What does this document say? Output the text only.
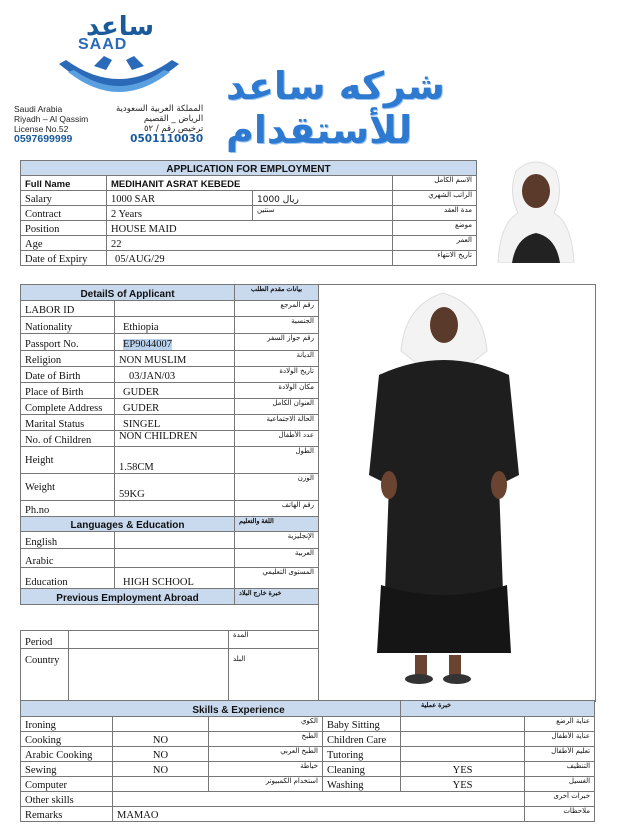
ساعد
SAAD
Saudi Arabia
Riyadh – Al Qassim
License No.52
0597699999
المملكة العربية السعودية
الرياض _ القصيم
ترخيص رقم / ٥٢
0501110030
شركه ساعد للأستقدام
APPLICATION FOR EMPLOYMENT			
Full Name	MEDIHANIT ASRAT KEBEDE		الاسم الكامل
Salary	1000 SAR	1000 ريال	الراتب الشهري
Contract	2 Years	سنتين	مدة العقد
Position	HOUSE MAID		موضع
Age	22		العمر
Date of Expiry	05/AUG/29		تاريخ الانتهاء
DetailS of Applicant		بيانات مقدم الطلب
LABOR ID		رقم المرجع
Nationality	Ethiopia	الجنسية
Passport No.	EP9044007	رقم جواز السفر
Religion	NON MUSLIM	الديانة
Date of Birth	03/JAN/03	تاريخ الولادة
Place of Birth	GUDER	مكان الولادة
Complete Address	GUDER	العنوان الكامل
Marital Status	SINGEL	الحالة الاجتماعية
No. of Children	NON CHILDREN	عدد الأطفال
Height	1.58CM	الطول
Weight	59KG	الوزن
Ph.no		رقم الهاتف
Languages & Education		اللغة والتعليم
English		الإنجليزية
Arabic		العربية
Education	HIGH SCHOOL	المستوى التعليمي
Previous Employment Abroad		خبرة خارج البلاد
Period		المدة
Country		البلد
Skills & Experience				خبرة عملية	
Ironing		الكوي	Baby Sitting		عناية الرضع
Cooking	NO	الطبخ	Children Care		عناية الأطفال
Arabic Cooking	NO	الطبخ العربي	Tutoring		تعليم الأطفال
Sewing	NO	خياطة	Cleaning	YES	التنظيف
Computer		استخدام الكمبيوتر	Washing	YES	الغسيل
Other skills					خبرات أخرى
Remarks	MAMAO				ملاحظات
